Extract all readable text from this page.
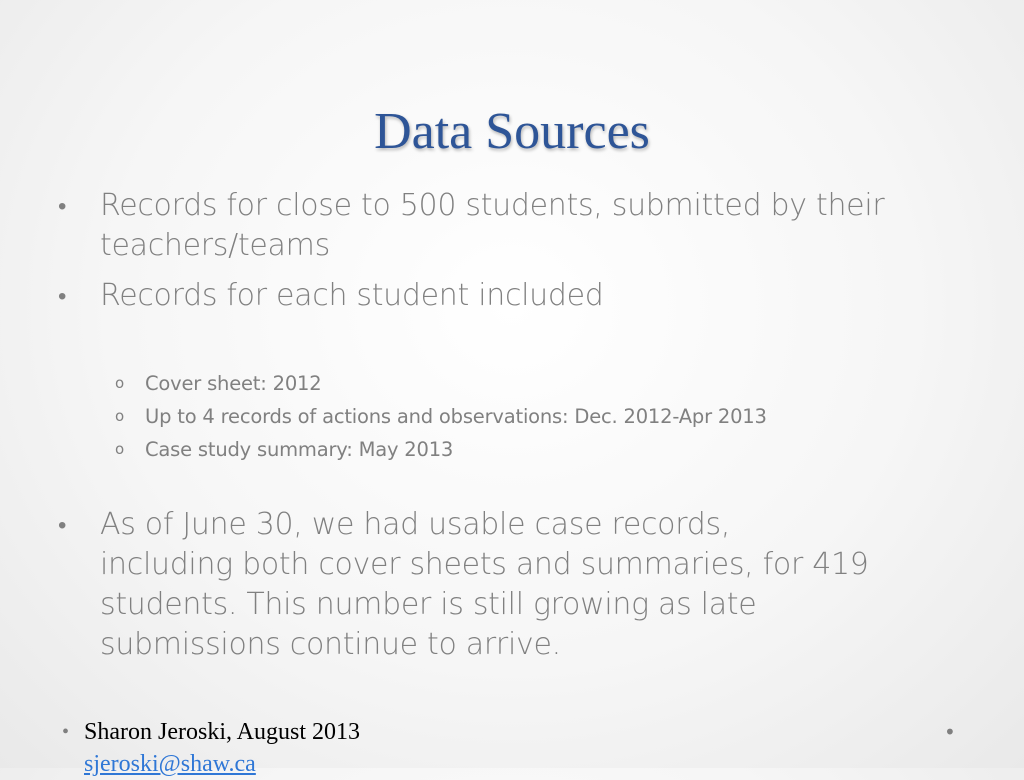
Data Sources
•	Records for close to 500 students, submitted by their
teachers/teams
•	Records for each student included
o	Cover sheet: 2012
o	Up to 4 records of actions and observations: Dec. 2012-Apr 2013
o	Case study summary: May 2013
•	As of June 30, we had usable case records,
including both cover sheets and summaries, for 419
students. This number is still growing as late
submissions continue to arrive.
• Sharon Jeroski, August 2013
sjeroski@shaw.ca
•
